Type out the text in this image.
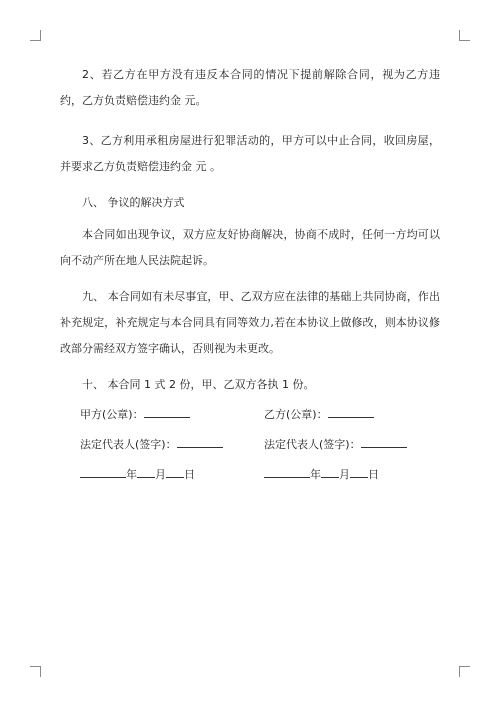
2、若乙方在甲方没有违反本合同的情况下提前解除合同，视为乙方违约，乙方负责赔偿违约金 元。

3、乙方利用承租房屋进行犯罪活动的，甲方可以中止合同，收回房屋，并要求乙方负责赔偿违约金 元 。

八、 争议的解决方式

本合同如出现争议，双方应友好协商解决，协商不成时，任何一方均可以向不动产所在地人民法院起诉。

九、 本合同如有未尽事宜，甲、乙双方应在法律的基础上共同协商，作出补充规定，补充规定与本合同具有同等效力,若在本协议上做修改，则本协议修改部分需经双方签字确认，否则视为未更改。

十、 本合同 1 式 2 份，甲、乙双方各执 1 份。

甲方(公章)：	乙方(公章)：
法定代表人(签字)：	法定代表人(签字)：
年 月 日	年 月 日
